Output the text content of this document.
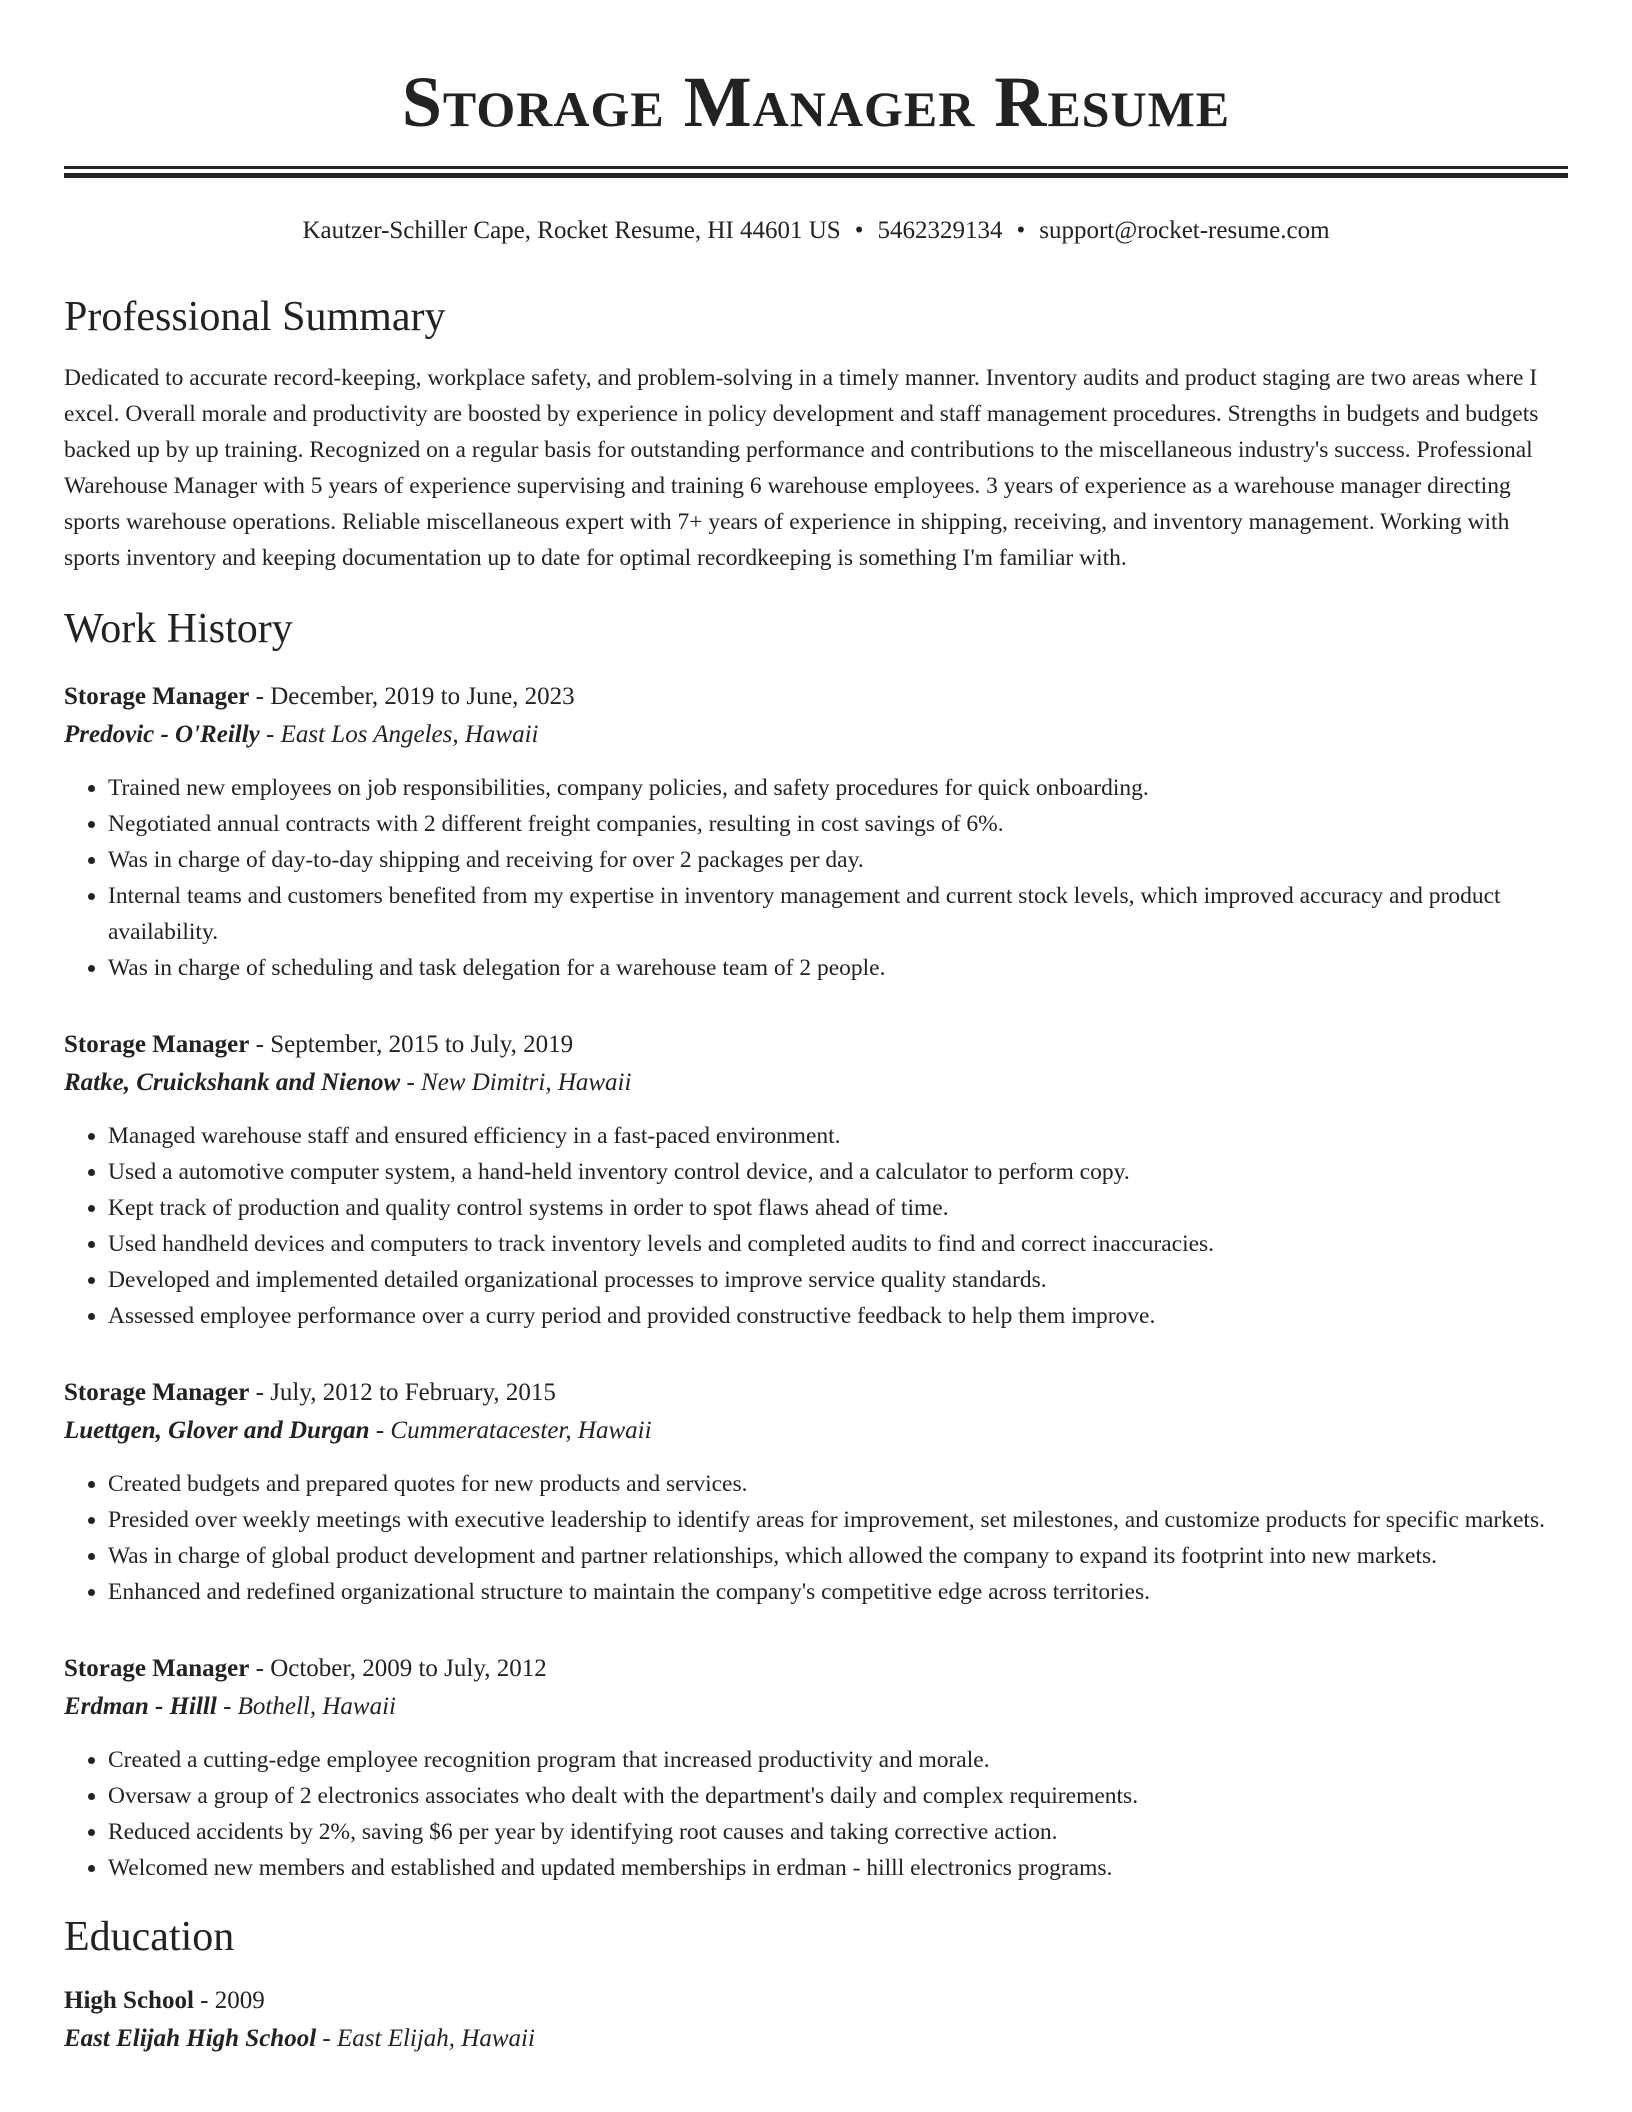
Storage Manager Resume
Kautzer-Schiller Cape, Rocket Resume, HI 44601 US • 5462329134 • support@rocket-resume.com
Professional Summary

Dedicated to accurate record-keeping, workplace safety, and problem-solving in a timely manner. Inventory audits and product staging are two areas where I excel. Overall morale and productivity are boosted by experience in policy development and staff management procedures. Strengths in budgets and budgets backed up by up training. Recognized on a regular basis for outstanding performance and contributions to the miscellaneous industry's success. Professional Warehouse Manager with 5 years of experience supervising and training 6 warehouse employees. 3 years of experience as a warehouse manager directing sports warehouse operations. Reliable miscellaneous expert with 7+ years of experience in shipping, receiving, and inventory management. Working with sports inventory and keeping documentation up to date for optimal recordkeeping is something I'm familiar with.

Work History
Storage Manager - December, 2019 to June, 2023
Predovic - O'Reilly - East Los Angeles, Hawaii
• Trained new employees on job responsibilities, company policies, and safety procedures for quick onboarding.
• Negotiated annual contracts with 2 different freight companies, resulting in cost savings of 6%.
• Was in charge of day-to-day shipping and receiving for over 2 packages per day.
• Internal teams and customers benefited from my expertise in inventory management and current stock levels, which improved accuracy and product availability.
• Was in charge of scheduling and task delegation for a warehouse team of 2 people.
Storage Manager - September, 2015 to July, 2019
Ratke, Cruickshank and Nienow - New Dimitri, Hawaii
• Managed warehouse staff and ensured efficiency in a fast-paced environment.
• Used a automotive computer system, a hand-held inventory control device, and a calculator to perform copy.
• Kept track of production and quality control systems in order to spot flaws ahead of time.
• Used handheld devices and computers to track inventory levels and completed audits to find and correct inaccuracies.
• Developed and implemented detailed organizational processes to improve service quality standards.
• Assessed employee performance over a curry period and provided constructive feedback to help them improve.
Storage Manager - July, 2012 to February, 2015
Luettgen, Glover and Durgan - Cummeratacester, Hawaii
• Created budgets and prepared quotes for new products and services.
• Presided over weekly meetings with executive leadership to identify areas for improvement, set milestones, and customize products for specific markets.
• Was in charge of global product development and partner relationships, which allowed the company to expand its footprint into new markets.
• Enhanced and redefined organizational structure to maintain the company's competitive edge across territories.
Storage Manager - October, 2009 to July, 2012
Erdman - Hilll - Bothell, Hawaii
• Created a cutting-edge employee recognition program that increased productivity and morale.
• Oversaw a group of 2 electronics associates who dealt with the department's daily and complex requirements.
• Reduced accidents by 2%, saving $6 per year by identifying root causes and taking corrective action.
• Welcomed new members and established and updated memberships in erdman - hilll electronics programs.
Education
High School - 2009
East Elijah High School - East Elijah, Hawaii
